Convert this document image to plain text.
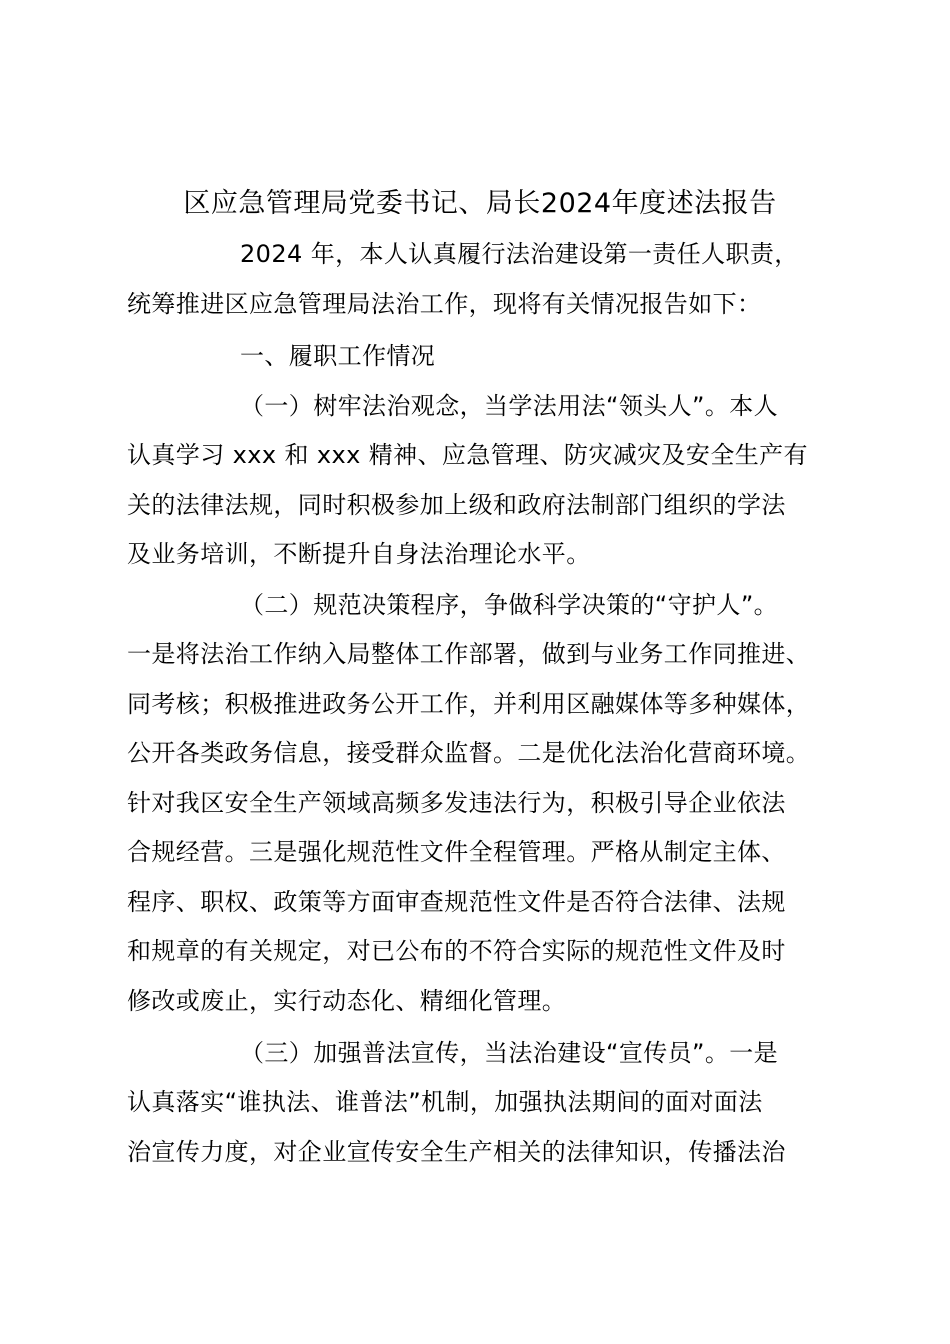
区应急管理局党委书记、局长2024年度述法报告
2024 年，本人认真履行法治建设第一责任人职责，
统筹推进区应急管理局法治工作，现将有关情况报告如下：
一、履职工作情况
（一）树牢法治观念，当学法用法“领头人”。本人
认真学习 xxx 和 xxx 精神、应急管理、防灾减灾及安全生产有
关的法律法规，同时积极参加上级和政府法制部门组织的学法
及业务培训，不断提升自身法治理论水平。
（二）规范决策程序，争做科学决策的“守护人”。
一是将法治工作纳入局整体工作部署，做到与业务工作同推进、
同考核；积极推进政务公开工作，并利用区融媒体等多种媒体，
公开各类政务信息，接受群众监督。二是优化法治化营商环境。
针对我区安全生产领域高频多发违法行为，积极引导企业依法
合规经营。三是强化规范性文件全程管理。严格从制定主体、
程序、职权、政策等方面审查规范性文件是否符合法律、法规
和规章的有关规定，对已公布的不符合实际的规范性文件及时
修改或废止，实行动态化、精细化管理。
（三）加强普法宣传，当法治建设“宣传员”。一是
认真落实“谁执法、谁普法”机制，加强执法期间的面对面法
治宣传力度，对企业宣传安全生产相关的法律知识，传播法治
